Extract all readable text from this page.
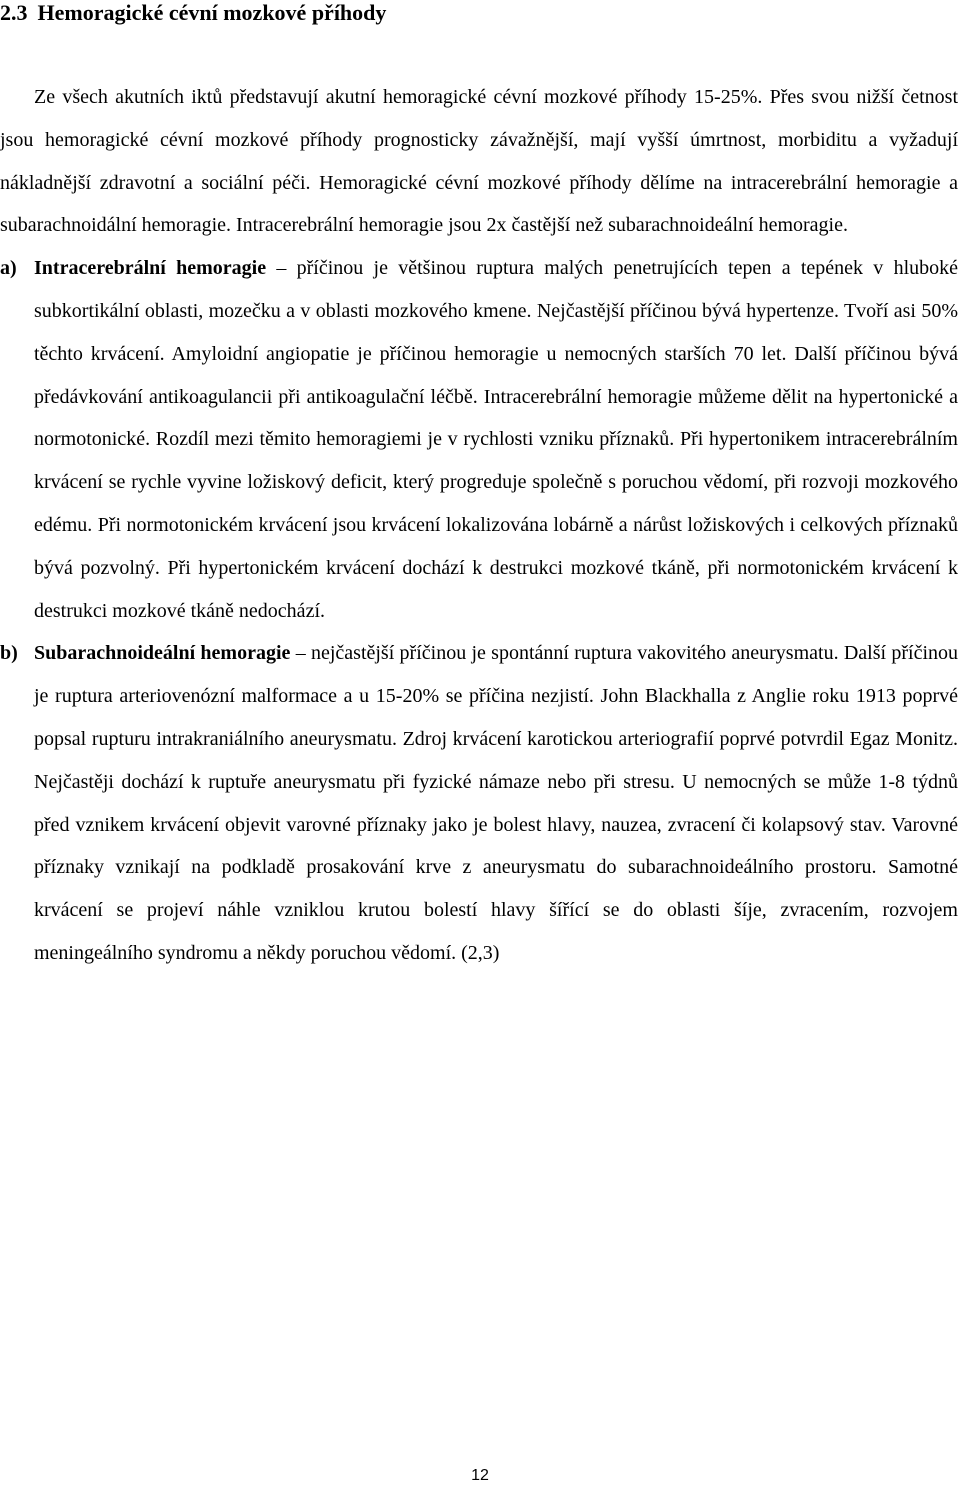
2.3 Hemoragické cévní mozkové příhody

Ze všech akutních iktů představují akutní hemoragické cévní mozkové příhody 15-25%. Přes svou nižší četnost jsou hemoragické cévní mozkové příhody prognosticky závažnější, mají vyšší úmrtnost, morbiditu a vyžadují nákladnější zdravotní a sociální péči. Hemoragické cévní mozkové příhody dělíme na intracerebrální hemoragie a subarachnoidální hemoragie. Intracerebrální hemoragie jsou 2x častější než subarachnoideální hemoragie.

a) Intracerebrální hemoragie – příčinou je většinou ruptura malých penetrujících tepen a tepének v hluboké subkortikální oblasti, mozečku a v oblasti mozkového kmene. Nejčastější příčinou bývá hypertenze. Tvoří asi 50% těchto krvácení. Amyloidní angiopatie je příčinou hemoragie u nemocných starších 70 let. Další příčinou bývá předávkování antikoagulancii při antikoagulační léčbě. Intracerebrální hemoragie můžeme dělit na hypertonické a normotonické. Rozdíl mezi těmito hemoragiemi je v rychlosti vzniku příznaků. Při hypertonikem intracerebrálním krvácení se rychle vyvine ložiskový deficit, který progreduje společně s poruchou vědomí, při rozvoji mozkového edému. Při normotonickém krvácení jsou krvácení lokalizována lobárně a nárůst ložiskových i celkových příznaků bývá pozvolný. Při hypertonickém krvácení dochází k destrukci mozkové tkáně, při normotonickém krvácení k destrukci mozkové tkáně nedochází.

b) Subarachnoideální hemoragie – nejčastější příčinou je spontánní ruptura vakovitého aneurysmatu. Další příčinou je ruptura arteriovenózní malformace a u 15-20% se příčina nezjistí. John Blackhalla z Anglie roku 1913 poprvé popsal rupturu intrakraniálního aneurysmatu. Zdroj krvácení karotickou arteriografií poprvé potvrdil Egaz Monitz. Nejčastěji dochází k ruptuře aneurysmatu při fyzické námaze nebo při stresu. U nemocných se může 1-8 týdnů před vznikem krvácení objevit varovné příznaky jako je bolest hlavy, nauzea, zvracení či kolapsový stav. Varovné příznaky vznikají na podkladě prosakování krve z aneurysmatu do subarachnoideálního prostoru. Samotné krvácení se projeví náhle vzniklou krutou bolestí hlavy šířící se do oblasti šíje, zvracením, rozvojem meningeálního syndromu a někdy poruchou vědomí. (2,3)

12
